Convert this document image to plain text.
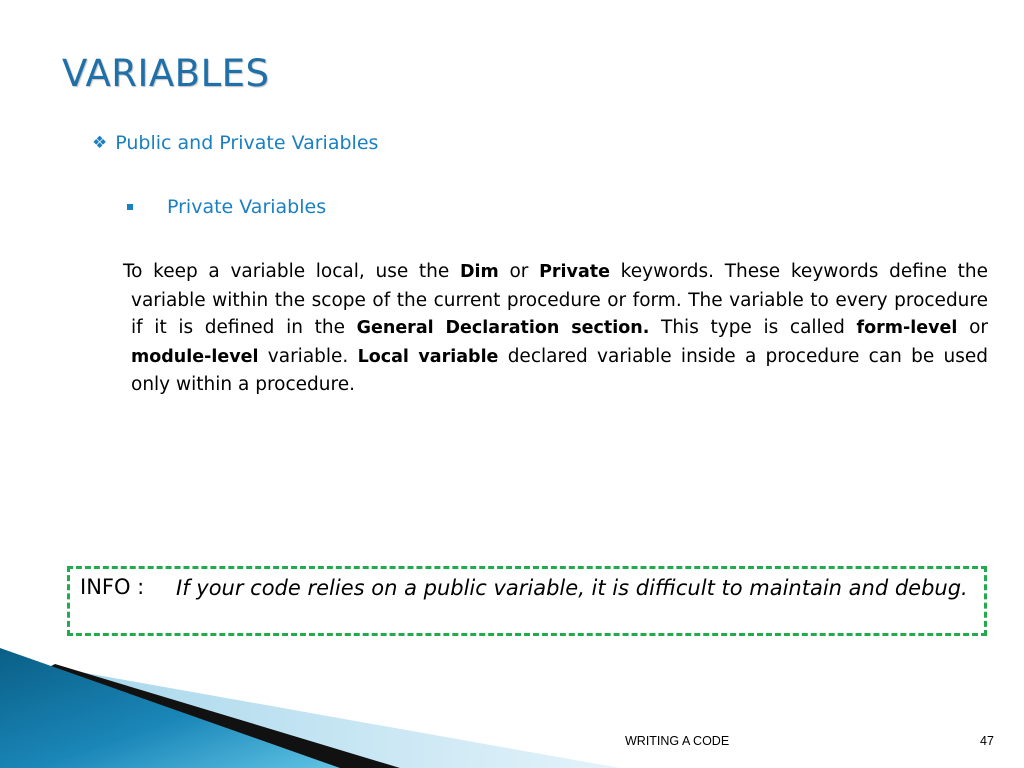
VARIABLES
❖ Public and Private Variables
Private Variables

To keep a variable local, use the Dim or Private keywords. These keywords define the variable within the scope of the current procedure or form. The variable to every procedure if it is defined in the General Declaration section. This type is called form-level or module-level variable. Local variable declared variable inside a procedure can be used only within a procedure.

INFO : If your code relies on a public variable, it is difficult to maintain and debug.
WRITING A CODE	47
